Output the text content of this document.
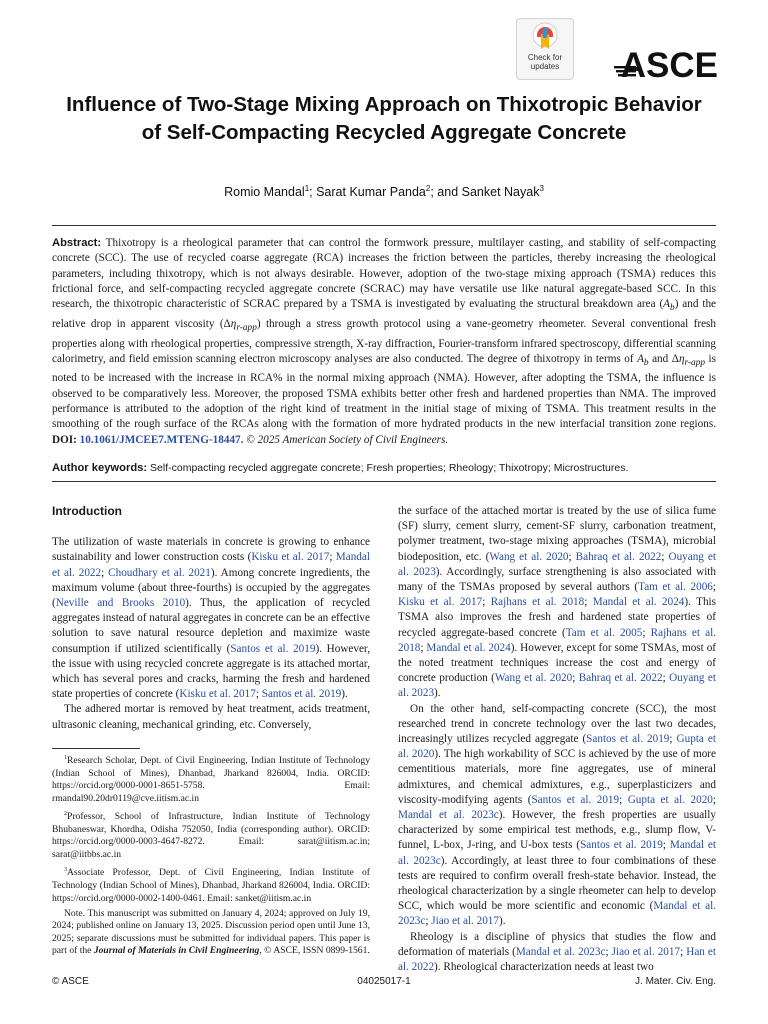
Check for updates	ASCE
Influence of Two-Stage Mixing Approach on Thixotropic Behavior of Self-Compacting Recycled Aggregate Concrete
Romio Mandal$^1$; Sarat Kumar Panda$^2$; and Sanket Nayak$^3$

Abstract: Thixotropy is a rheological parameter that can control the formwork pressure, multilayer casting, and stability of self-compacting concrete (SCC). The use of recycled coarse aggregate (RCA) increases the friction between the particles, thereby increasing the rheological parameters, including thixotropy, which is not always desirable. However, adoption of the two-stage mixing approach (TSMA) reduces this frictional force, and self-compacting recycled aggregate concrete (SCRAC) may have versatile use like natural aggregate-based SCC. In this research, the thixotropic characteristic of SCRAC prepared by a TSMA is investigated by evaluating the structural breakdown area $(A_b)$ and the relative drop in apparent viscosity $(\Delta\eta_{r-app})$ through a stress growth protocol using a vane-geometry rheometer. Several conventional fresh properties along with rheological properties, compressive strength, X-ray diffraction, Fourier-transform infrared spectroscopy, differential scanning calorimetry, and field emission scanning electron microscopy analyses are also conducted. The degree of thixotropy in terms of $A_b$ and $\Delta\eta_{r-app}$ is noted to be increased with the increase in RCA% in the normal mixing approach (NMA). However, after adopting the TSMA, the influence is observed to be comparatively less. Moreover, the proposed TSMA exhibits better other fresh and hardened properties than NMA. The improved performance is attributed to the adoption of the right kind of treatment in the initial stage of mixing of TSMA. This treatment results in the smoothing of the rough surface of the RCAs along with the formation of more hydrated products in the new interfacial transition zone regions. DOI: 10.1061/JMCEE7.MTENG-18447. © 2025 American Society of Civil Engineers.

Author keywords: Self-compacting recycled aggregate concrete; Fresh properties; Rheology; Thixotropy; Microstructures.
Introduction

The utilization of waste materials in concrete is growing to enhance sustainability and lower construction costs (Kisku et al. 2017; Mandal et al. 2022; Choudhary et al. 2021). Among concrete ingredients, the maximum volume (about three-fourths) is occupied by the aggregates (Neville and Brooks 2010). Thus, the application of recycled aggregates instead of natural aggregates in concrete can be an effective solution to save natural resource depletion and maximize waste consumption if utilized scientifically (Santos et al. 2019). However, the issue with using recycled concrete aggregate is its attached mortar, which has several pores and cracks, harming the fresh and hardened state properties of concrete (Kisku et al. 2017; Santos et al. 2019).

The adhered mortar is removed by heat treatment, acids treatment, ultrasonic cleaning, mechanical grinding, etc. Conversely,

$^1$Research Scholar, Dept. of Civil Engineering, Indian Institute of Technology (Indian School of Mines), Dhanbad, Jharkand 826004, India. ORCID: https://orcid.org/0000-0001-8651-5758. Email: rmandal90.20dr0119@cve.iitism.ac.in

$^2$Professor, School of Infrastructure, Indian Institute of Technology Bhubaneswar, Khordha, Odisha 752050, India (corresponding author). ORCID: https://orcid.org/0000-0003-4647-8272. Email: sarat@iitism.ac.in; sarat@iitbbs.ac.in

$^3$Associate Professor, Dept. of Civil Engineering, Indian Institute of Technology (Indian School of Mines), Dhanbad, Jharkand 826004, India. ORCID: https://orcid.org/0000-0002-1400-0461. Email: sanket@iitism.ac.in

Note. This manuscript was submitted on January 4, 2024; approved on July 19, 2024; published online on January 13, 2025. Discussion period open until June 13, 2025; separate discussions must be submitted for individual papers. This paper is part of the Journal of Materials in Civil Engineering, © ASCE, ISSN 0899-1561.

the surface of the attached mortar is treated by the use of silica fume (SF) slurry, cement slurry, cement-SF slurry, carbonation treatment, polymer treatment, two-stage mixing approaches (TSMA), microbial biodeposition, etc. (Wang et al. 2020; Bahraq et al. 2022; Ouyang et al. 2023). Accordingly, surface strengthening is also associated with many of the TSMAs proposed by several authors (Tam et al. 2006; Kisku et al. 2017; Rajhans et al. 2018; Mandal et al. 2024). This TSMA also improves the fresh and hardened state properties of recycled aggregate-based concrete (Tam et al. 2005; Rajhans et al. 2018; Mandal et al. 2024). However, except for some TSMAs, most of the noted treatment techniques increase the cost and energy of concrete production (Wang et al. 2020; Bahraq et al. 2022; Ouyang et al. 2023).

On the other hand, self-compacting concrete (SCC), the most researched trend in concrete technology over the last two decades, increasingly utilizes recycled aggregate (Santos et al. 2019; Gupta et al. 2020). The high workability of SCC is achieved by the use of more cementitious materials, more fine aggregates, use of mineral admixtures, and chemical admixtures, e.g., superplasticizers and viscosity-modifying agents (Santos et al. 2019; Gupta et al. 2020; Mandal et al. 2023c). However, the fresh properties are usually characterized by some empirical test methods, e.g., slump flow, V-funnel, L-box, J-ring, and U-box tests (Santos et al. 2019; Mandal et al. 2023c). Accordingly, at least three to four combinations of these tests are required to confirm overall fresh-state behavior. Instead, the rheological characterization by a single rheometer can help to develop SCC, which would be more scientific and economic (Mandal et al. 2023c; Jiao et al. 2017).

Rheology is a discipline of physics that studies the flow and deformation of materials (Mandal et al. 2023c; Jiao et al. 2017; Han et al. 2022). Rheological characterization needs at least two

© ASCE	04025017-1	J. Mater. Civ. Eng.
